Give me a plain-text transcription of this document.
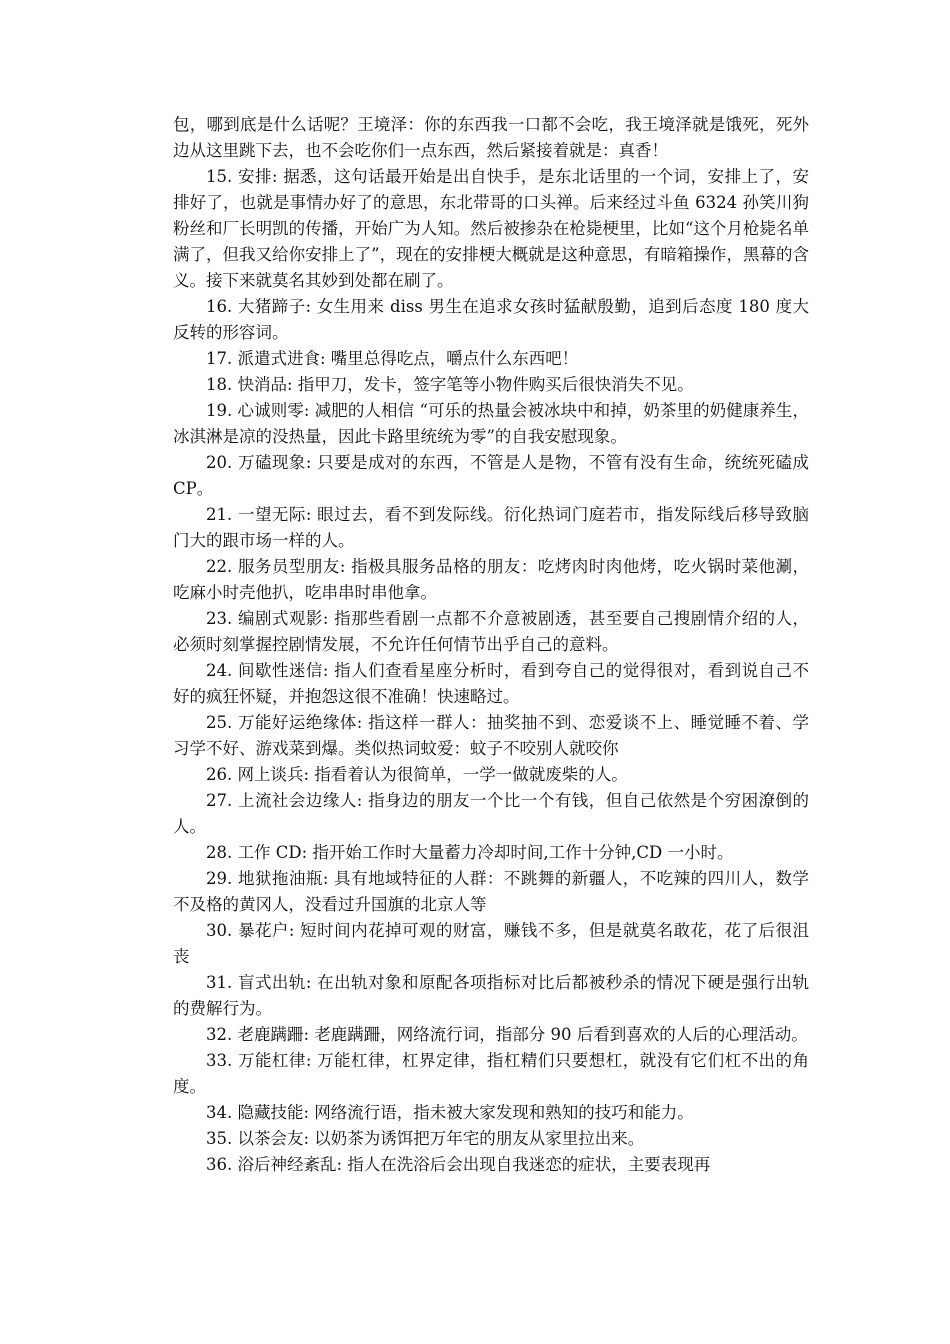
包，哪到底是什么话呢？王境泽：你的东西我一口都不会吃，我王境泽就是饿死，死外边从这里跳下去，也不会吃你们一点东西，然后紧接着就是：真香！

15. 安排: 据悉，这句话最开始是出自快手，是东北话里的一个词，安排上了，安排好了，也就是事情办好了的意思，东北带哥的口头禅。后来经过斗鱼 6324 孙笑川狗粉丝和厂长明凯的传播，开始广为人知。然后被掺杂在枪毙梗里，比如“这个月枪毙名单满了，但我又给你安排上了”，现在的安排梗大概就是这种意思，有暗箱操作，黑幕的含义。接下来就莫名其妙到处都在刷了。

16. 大猪蹄子: 女生用来 diss 男生在追求女孩时猛献殷勤，追到后态度 180 度大反转的形容词。

17. 派遣式进食: 嘴里总得吃点，嚼点什么东西吧！

18. 快消品: 指甲刀，发卡，签字笔等小物件购买后很快消失不见。

19. 心诚则零: 减肥的人相信 “可乐的热量会被冰块中和掉，奶茶里的奶健康养生，冰淇淋是凉的没热量，因此卡路里统统为零”的自我安慰现象。

20. 万磕现象: 只要是成对的东西，不管是人是物，不管有没有生命，统统死磕成 CP。

21. 一望无际: 眼过去，看不到发际线。衍化热词门庭若市，指发际线后移导致脑门大的跟市场一样的人。

22. 服务员型朋友: 指极具服务品格的朋友：吃烤肉时肉他烤，吃火锅时菜他涮，吃麻小时壳他扒，吃串串时串他拿。

23. 编剧式观影: 指那些看剧一点都不介意被剧透，甚至要自己搜剧情介绍的人，必须时刻掌握控剧情发展，不允许任何情节出乎自己的意料。

24. 间歇性迷信: 指人们查看星座分析时，看到夸自己的觉得很对，看到说自己不好的疯狂怀疑，并抱怨这很不准确！快速略过。

25. 万能好运绝缘体: 指这样一群人：抽奖抽不到、恋爱谈不上、睡觉睡不着、学习学不好、游戏菜到爆。类似热词蚊爱：蚊子不咬别人就咬你

26. 网上谈兵: 指看着认为很简单，一学一做就废柴的人。

27. 上流社会边缘人: 指身边的朋友一个比一个有钱，但自己依然是个穷困潦倒的人。

28. 工作 CD: 指开始工作时大量蓄力冷却时间,工作十分钟,CD 一小时。

29. 地狱拖油瓶: 具有地域特征的人群：不跳舞的新疆人，不吃辣的四川人，数学不及格的黄冈人，没看过升国旗的北京人等

30. 暴花户: 短时间内花掉可观的财富，赚钱不多，但是就莫名敢花，花了后很沮丧

31. 盲式出轨: 在出轨对象和原配各项指标对比后都被秒杀的情况下硬是强行出轨的费解行为。

32. 老鹿蹒跚: 老鹿蹒跚，网络流行词，指部分 90 后看到喜欢的人后的心理活动。

33. 万能杠律: 万能杠律，杠界定律，指杠精们只要想杠，就没有它们杠不出的角度。

34. 隐藏技能: 网络流行语，指未被大家发现和熟知的技巧和能力。

35. 以茶会友: 以奶茶为诱饵把万年宅的朋友从家里拉出来。

36. 浴后神经紊乱: 指人在洗浴后会出现自我迷恋的症状，主要表现再
